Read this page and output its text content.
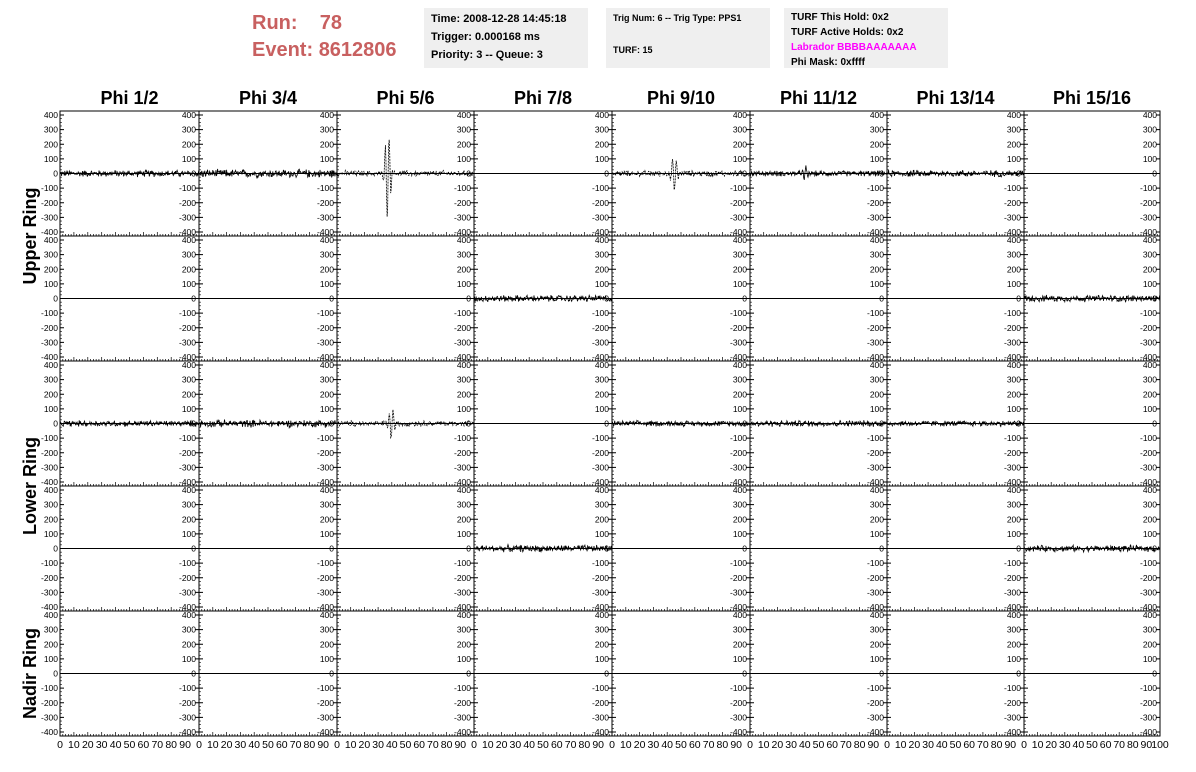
Run: 78
Event: 8612806
Time: 2008-12-28 14:45:18
Trigger: 0.000168 ms
Priority: 3 -- Queue: 3
Trig Num: 6 -- Trig Type: PPS1
TURF: 15
TURF This Hold: 0x2
TURF Active Holds: 0x2
Labrador BBBBAAAAAAA
Phi Mask: 0xffff
Phi 1/2	Phi 3/4	Phi 5/6	Phi 7/8	Phi 9/10	Phi 11/12	Phi 13/14	Phi 15/16
Upper Ring
Lower Ring
Nadir Ring
400	400
300	300
200	200
100	100
0	0
-100	-100
-200	-200
-300	-300
-400	-400
400
300
200
100
0
-100
-200
-300
-400
400
300
200
100
0
-100
-200
-300
-400
400
300
200
100
0
-100
-200
-300
-400
400
300
200
100
0
-100
-200
-300
-400
400
300
200
100
0
-100
-200
-300
-400
400
300
200
100
0
-100
-200
-300
-400
400
300
200
100
0
-100
-200
-300
-400
400	400
300	300
200	200
100	100
0	0
-100	-100
-200	-200
-300	-300
-400	-400
400
300
200
100
0
-100
-200
-300
-400
400
300
200
100
0
-100
-200
-300
-400
400
300
200
100
0
-100
-200
-300
-400
400
300
200
100
0
-100
-200
-300
-400
400
300
200
100
0
-100
-200
-300
-400
400
300
200
100
0
-100
-200
-300
-400
400
300
200
100
0
-100
-200
-300
-400
400	400
300	300
200	200
100	100
0	0
-100	-100
-200	-200
-300	-300
-400	-400
400
300
200
100
0
-100
-200
-300
-400
400
300
200
100
0
-100
-200
-300
-400
400
300
200
100
0
-100
-200
-300
-400
400
300
200
100
0
-100
-200
-300
-400
400
300
200
100
0
-100
-200
-300
-400
400
300
200
100
0
-100
-200
-300
-400
400
300
200
100
0
-100
-200
-300
-400
400	400
300	300
200	200
100	100
0	0
-100	-100
-200	-200
-300	-300
-400	-400
400
300
200
100
0
-100
-200
-300
-400
400
300
200
100
0
-100
-200
-300
-400
400
300
200
100
0
-100
-200
-300
-400
400
300
200
100
0
-100
-200
-300
-400
400
300
200
100
0
-100
-200
-300
-400
400
300
200
100
0
-100
-200
-300
-400
400
300
200
100
0
-100
-200
-300
-400
400	400
300	300
200	200
100	100
0	0
-100	-100
-200	-200
-300	-300
-400	-400
400
300
200
100
0
-100
-200
-300
-400
400
300
200
100
0
-100
-200
-300
-400
400
300
200
100
0
-100
-200
-300
-400
400
300
200
100
0
-100
-200
-300
-400
400
300
200
100
0
-100
-200
-300
-400
400
300
200
100
0
-100
-200
-300
-400
400
300
200
100
0
-100
-200
-300
-400
0 10 20 30 40 50 60 70 80 90 0 10 20 30 40 50 60 70 80 90 0 10 20 30 40 50 60 70 80 90 0 10 20 30 40 50 60 70 80 90 0 10 20 30 40 50 60 70 80 90 0 10 20 30 40 50 60 70 80 90 0 10 20 30 40 50 60 70 80 90 0 10 20 30 40 50 60 70 80 90
100
